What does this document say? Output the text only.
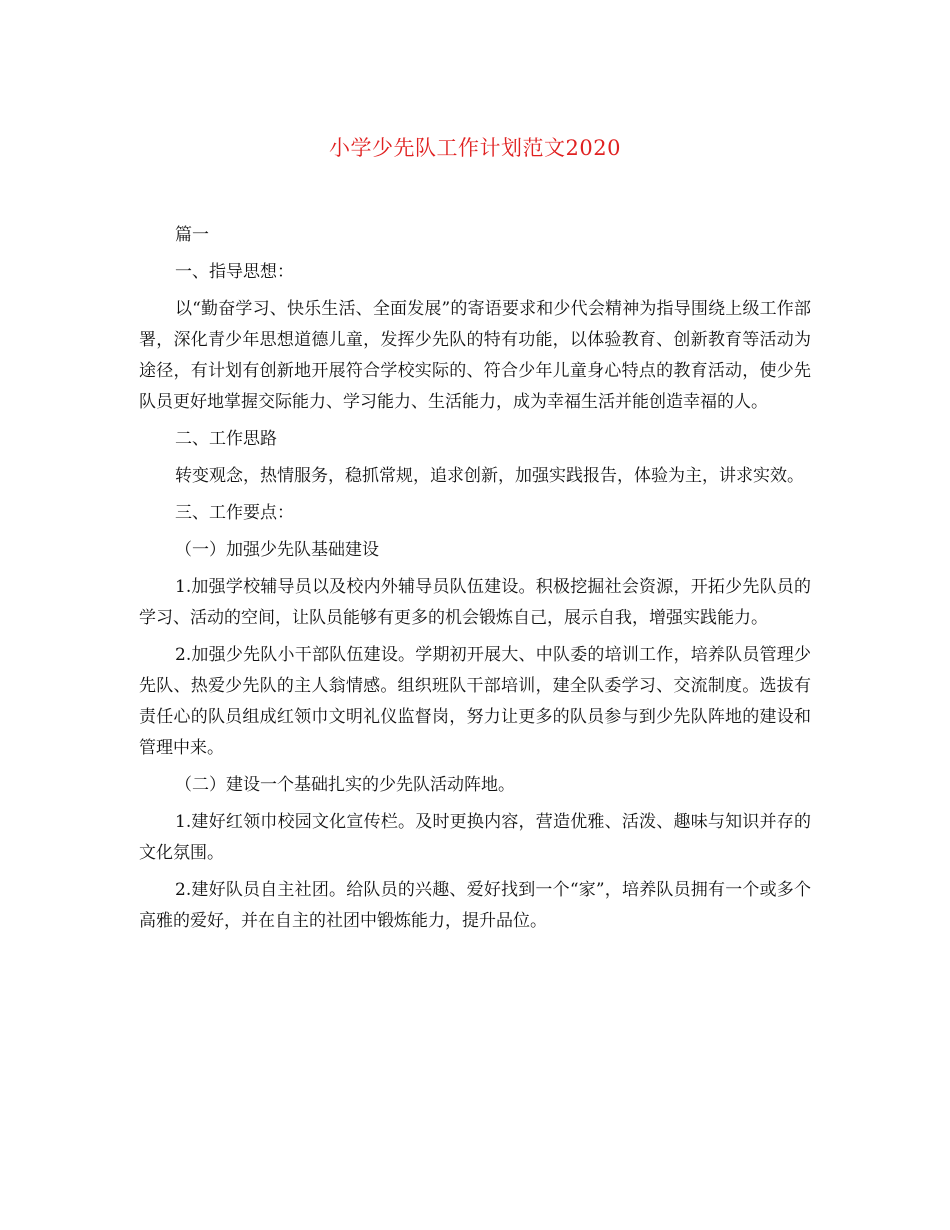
小学少先队工作计划范文2020

篇一

一、指导思想：

以“勤奋学习、快乐生活、全面发展”的寄语要求和少代会精神为指导围绕上级工作部署，深化青少年思想道德儿童，发挥少先队的特有功能，以体验教育、创新教育等活动为途径，有计划有创新地开展符合学校实际的、符合少年儿童身心特点的教育活动，使少先队员更好地掌握交际能力、学习能力、生活能力，成为幸福生活并能创造幸福的人。

二、工作思路

转变观念，热情服务，稳抓常规，追求创新，加强实践报告，体验为主，讲求实效。

三、工作要点：

（一）加强少先队基础建设

1.加强学校辅导员以及校内外辅导员队伍建设。积极挖掘社会资源，开拓少先队员的学习、活动的空间，让队员能够有更多的机会锻炼自己，展示自我，增强实践能力。

2.加强少先队小干部队伍建设。学期初开展大、中队委的培训工作，培养队员管理少先队、热爱少先队的主人翁情感。组织班队干部培训，建全队委学习、交流制度。选拔有责任心的队员组成红领巾文明礼仪监督岗，努力让更多的队员参与到少先队阵地的建设和管理中来。

（二）建设一个基础扎实的少先队活动阵地。

1.建好红领巾校园文化宣传栏。及时更换内容，营造优雅、活泼、趣味与知识并存的文化氛围。

2.建好队员自主社团。给队员的兴趣、爱好找到一个“家”，培养队员拥有一个或多个高雅的爱好，并在自主的社团中锻炼能力，提升品位。
